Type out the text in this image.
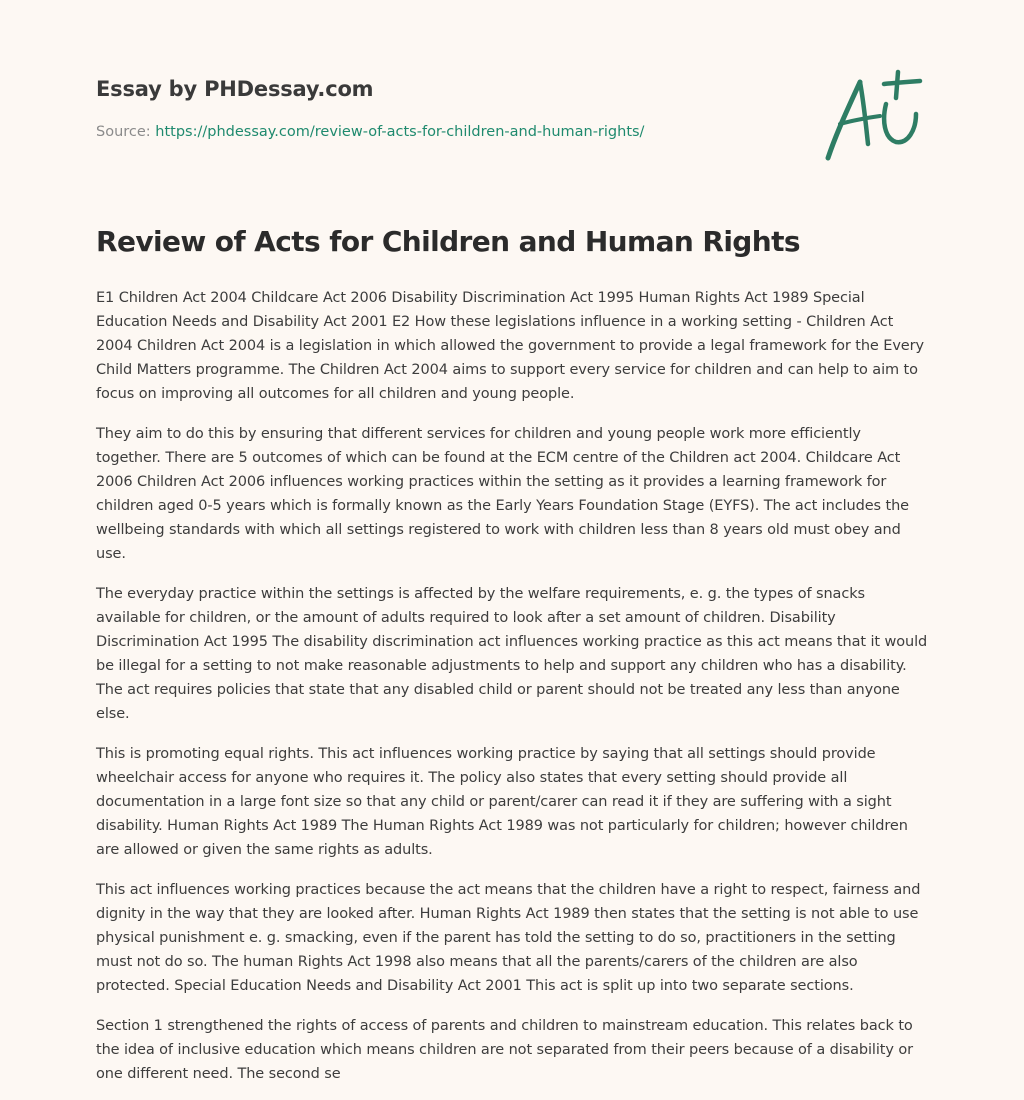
Essay by PHDessay.com
Source: https://phdessay.com/review-of-acts-for-children-and-human-rights/
Review of Acts for Children and Human Rights

E1 Children Act 2004 Childcare Act 2006 Disability Discrimination Act 1995 Human Rights Act 1989 Special Education Needs and Disability Act 2001 E2 How these legislations influence in a working setting - Children Act 2004 Children Act 2004 is a legislation in which allowed the government to provide a legal framework for the Every Child Matters programme. The Children Act 2004 aims to support every service for children and can help to aim to focus on improving all outcomes for all children and young people.

They aim to do this by ensuring that different services for children and young people work more efficiently together. There are 5 outcomes of which can be found at the ECM centre of the Children act 2004. Childcare Act 2006 Children Act 2006 influences working practices within the setting as it provides a learning framework for children aged 0-5 years which is formally known as the Early Years Foundation Stage (EYFS). The act includes the wellbeing standards with which all settings registered to work with children less than 8 years old must obey and use.

The everyday practice within the settings is affected by the welfare requirements, e. g. the types of snacks available for children, or the amount of adults required to look after a set amount of children. Disability Discrimination Act 1995 The disability discrimination act influences working practice as this act means that it would be illegal for a setting to not make reasonable adjustments to help and support any children who has a disability. The act requires policies that state that any disabled child or parent should not be treated any less than anyone else.

This is promoting equal rights. This act influences working practice by saying that all settings should provide wheelchair access for anyone who requires it. The policy also states that every setting should provide all documentation in a large font size so that any child or parent/carer can read it if they are suffering with a sight disability. Human Rights Act 1989 The Human Rights Act 1989 was not particularly for children; however children are allowed or given the same rights as adults.

This act influences working practices because the act means that the children have a right to respect, fairness and dignity in the way that they are looked after. Human Rights Act 1989 then states that the setting is not able to use physical punishment e. g. smacking, even if the parent has told the setting to do so, practitioners in the setting must not do so. The human Rights Act 1998 also means that all the parents/carers of the children are also protected. Special Education Needs and Disability Act 2001 This act is split up into two separate sections.

Section 1 strengthened the rights of access of parents and children to mainstream education. This relates back to the idea of inclusive education which means children are not separated from their peers because of a disability or one different need. The second se
